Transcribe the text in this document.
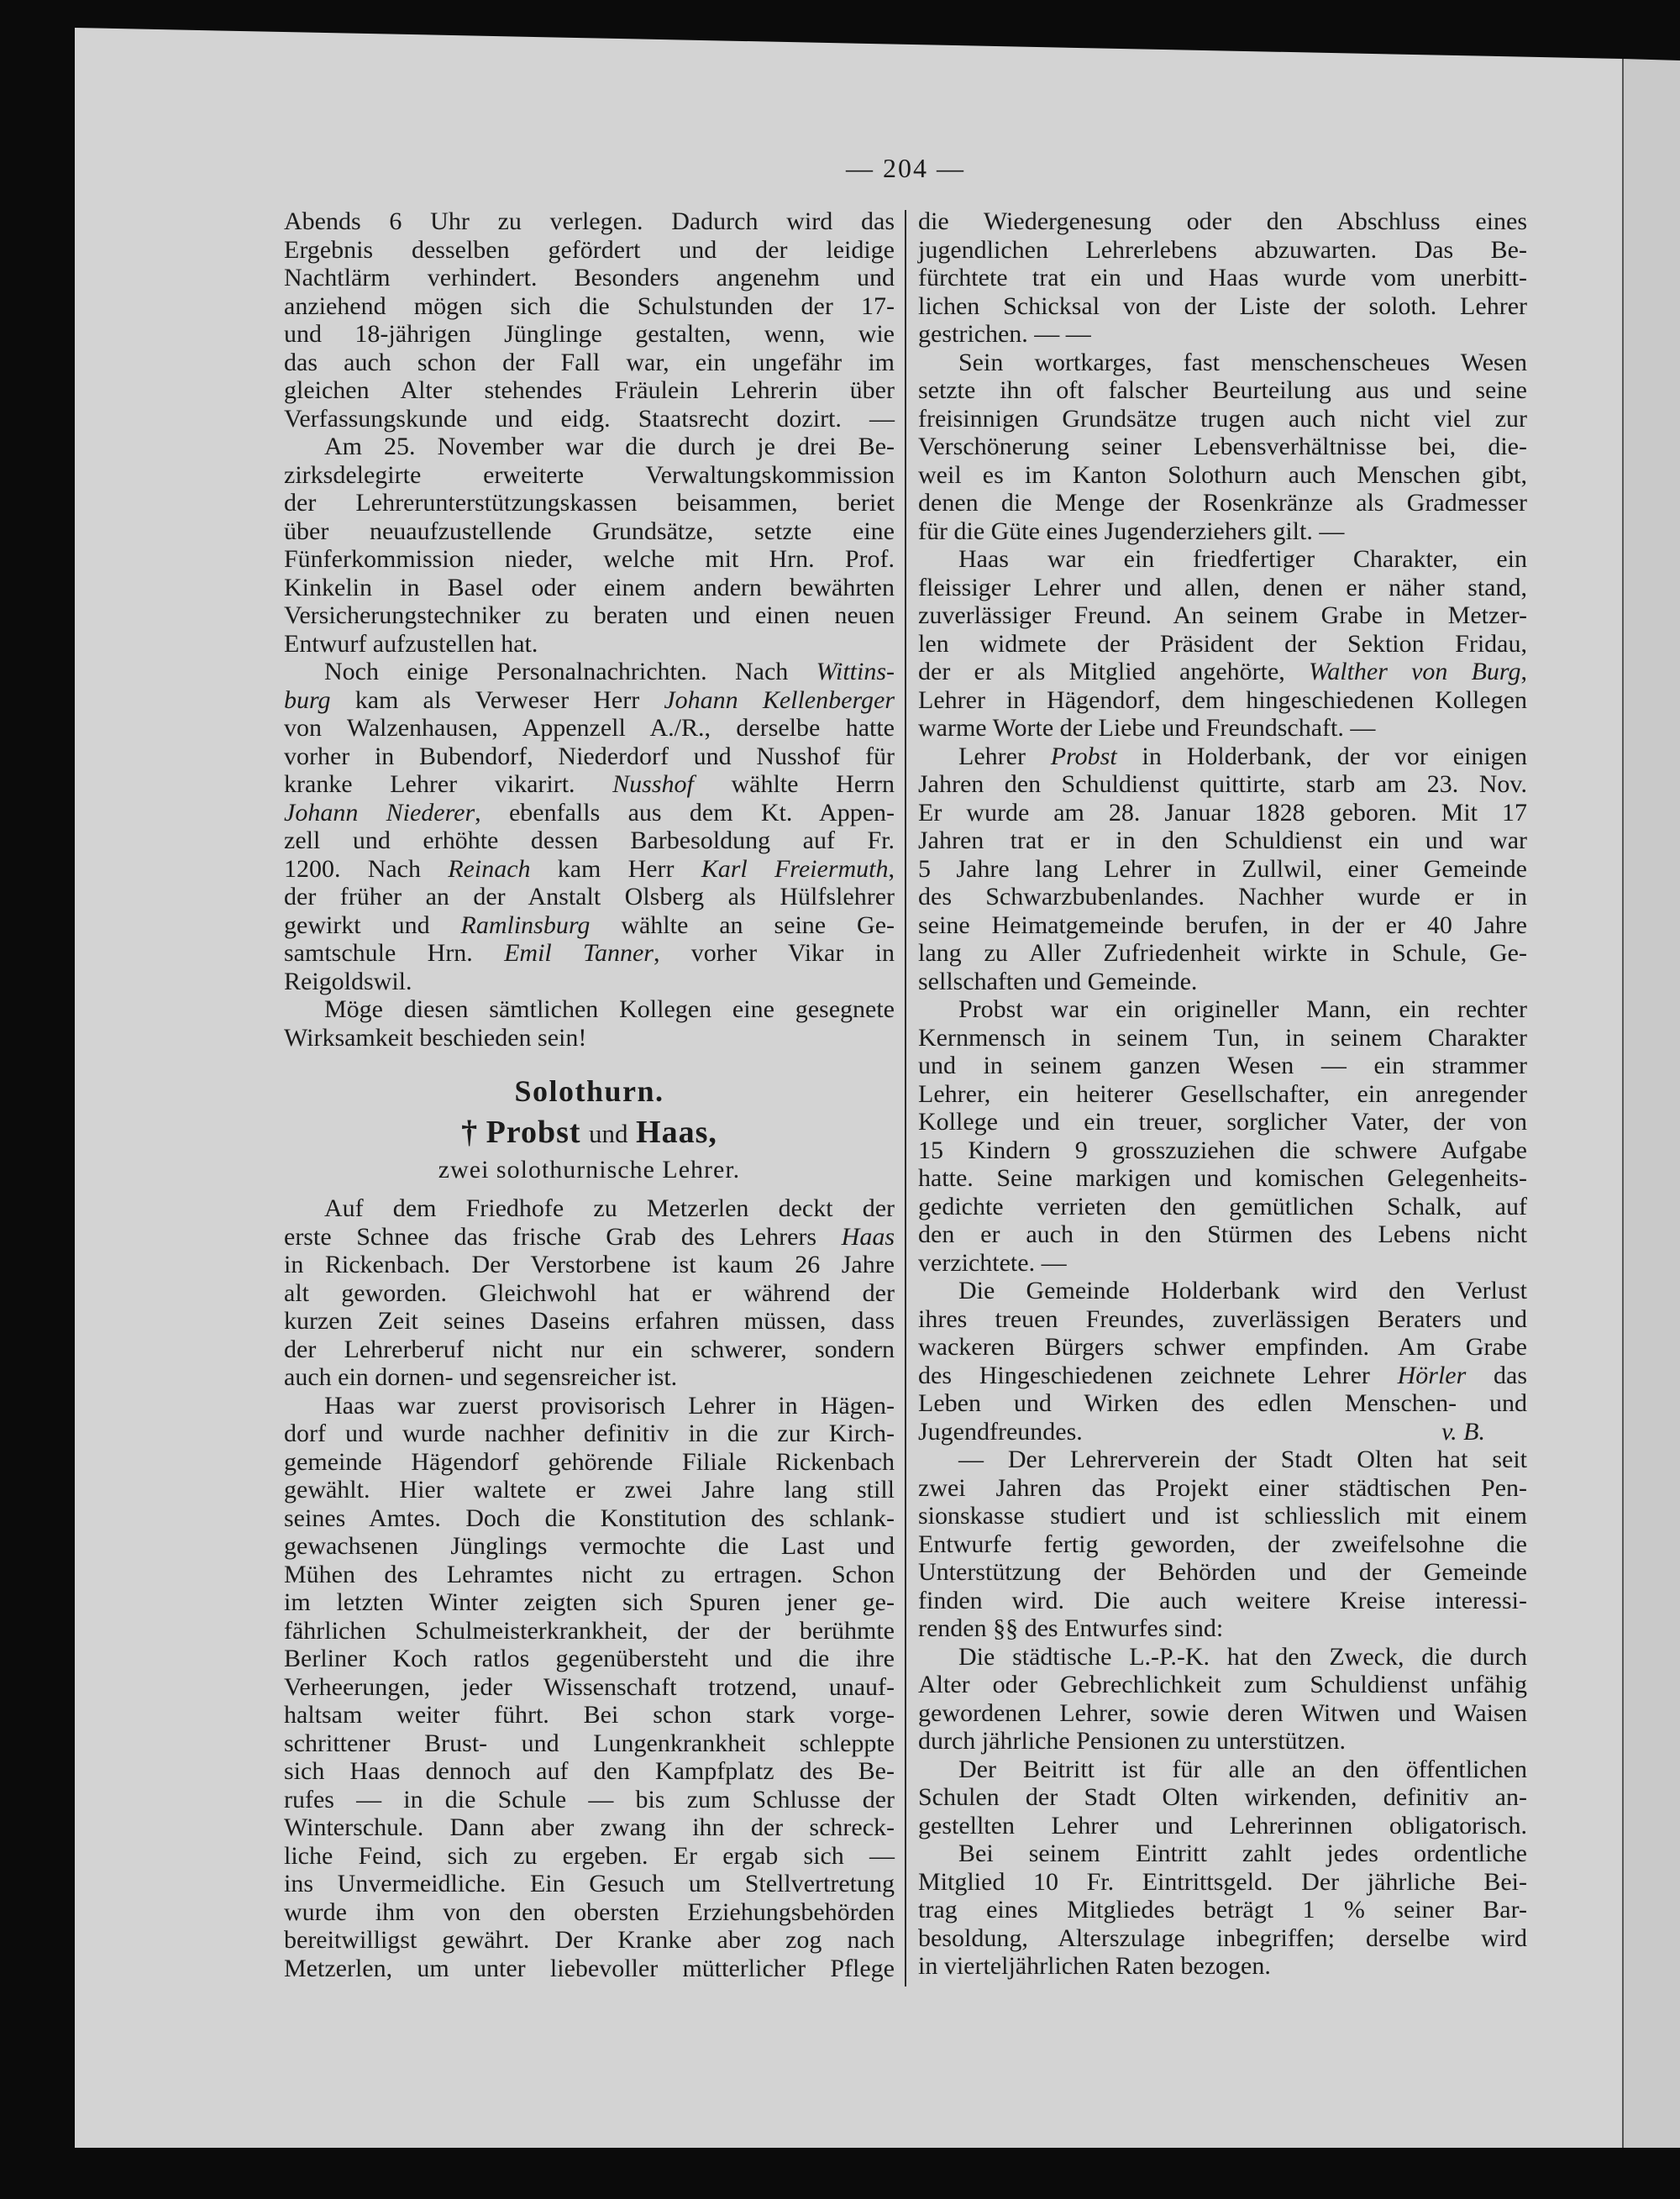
— 204 —
Abends 6 Uhr zu verlegen. Dadurch wird das
Ergebnis desselben gefördert und der leidige
Nachtlärm verhindert. Besonders angenehm und
anziehend mögen sich die Schulstunden der 17-
und 18-jährigen Jünglinge gestalten, wenn, wie
das auch schon der Fall war, ein ungefähr im
gleichen Alter stehendes Fräulein Lehrerin über
Verfassungskunde und eidg. Staatsrecht dozirt. —
Am 25. November war die durch je drei Be-
zirksdelegirte erweiterte Verwaltungskommission
der Lehrerunterstützungskassen beisammen, beriet
über neuaufzustellende Grundsätze, setzte eine
Fünferkommission nieder, welche mit Hrn. Prof.
Kinkelin in Basel oder einem andern bewährten
Versicherungstechniker zu beraten und einen neuen
Entwurf aufzustellen hat.
Noch einige Personalnachrichten. Nach Wittins-
burg kam als Verweser Herr Johann Kellenberger
von Walzenhausen, Appenzell A./R., derselbe hatte
vorher in Bubendorf, Niederdorf und Nusshof für
kranke Lehrer vikarirt. Nusshof wählte Herrn
Johann Niederer, ebenfalls aus dem Kt. Appen-
zell und erhöhte dessen Barbesoldung auf Fr.
1200. Nach Reinach kam Herr Karl Freiermuth,
der früher an der Anstalt Olsberg als Hülfslehrer
gewirkt und Ramlinsburg wählte an seine Ge-
samtschule Hrn. Emil Tanner, vorher Vikar in
Reigoldswil.
Möge diesen sämtlichen Kollegen eine gesegnete
Wirksamkeit beschieden sein!
Solothurn.
† Probst und Haas,
zwei solothurnische Lehrer.
Auf dem Friedhofe zu Metzerlen deckt der
erste Schnee das frische Grab des Lehrers Haas
in Rickenbach. Der Verstorbene ist kaum 26 Jahre
alt geworden. Gleichwohl hat er während der
kurzen Zeit seines Daseins erfahren müssen, dass
der Lehrerberuf nicht nur ein schwerer, sondern
auch ein dornen- und segensreicher ist.
Haas war zuerst provisorisch Lehrer in Hägen-
dorf und wurde nachher definitiv in die zur Kirch-
gemeinde Hägendorf gehörende Filiale Rickenbach
gewählt. Hier waltete er zwei Jahre lang still
seines Amtes. Doch die Konstitution des schlank-
gewachsenen Jünglings vermochte die Last und
Mühen des Lehramtes nicht zu ertragen. Schon
im letzten Winter zeigten sich Spuren jener ge-
fährlichen Schulmeisterkrankheit, der der berühmte
Berliner Koch ratlos gegenübersteht und die ihre
Verheerungen, jeder Wissenschaft trotzend, unauf-
haltsam weiter führt. Bei schon stark vorge-
schrittener Brust- und Lungenkrankheit schleppte
sich Haas dennoch auf den Kampfplatz des Be-
rufes — in die Schule — bis zum Schlusse der
Winterschule. Dann aber zwang ihn der schreck-
liche Feind, sich zu ergeben. Er ergab sich —
ins Unvermeidliche. Ein Gesuch um Stellvertretung
wurde ihm von den obersten Erziehungsbehörden
bereitwilligst gewährt. Der Kranke aber zog nach
Metzerlen, um unter liebevoller mütterlicher Pflege
die Wiedergenesung oder den Abschluss eines
jugendlichen Lehrerlebens abzuwarten. Das Be-
fürchtete trat ein und Haas wurde vom unerbitt-
lichen Schicksal von der Liste der soloth. Lehrer
gestrichen. — —
Sein wortkarges, fast menschenscheues Wesen
setzte ihn oft falscher Beurteilung aus und seine
freisinnigen Grundsätze trugen auch nicht viel zur
Verschönerung seiner Lebensverhältnisse bei, die-
weil es im Kanton Solothurn auch Menschen gibt,
denen die Menge der Rosenkränze als Gradmesser
für die Güte eines Jugenderziehers gilt. —
Haas war ein friedfertiger Charakter, ein
fleissiger Lehrer und allen, denen er näher stand,
zuverlässiger Freund. An seinem Grabe in Metzer-
len widmete der Präsident der Sektion Fridau,
der er als Mitglied angehörte, Walther von Burg,
Lehrer in Hägendorf, dem hingeschiedenen Kollegen
warme Worte der Liebe und Freundschaft. —
Lehrer Probst in Holderbank, der vor einigen
Jahren den Schuldienst quittirte, starb am 23. Nov.
Er wurde am 28. Januar 1828 geboren. Mit 17
Jahren trat er in den Schuldienst ein und war
5 Jahre lang Lehrer in Zullwil, einer Gemeinde
des Schwarzbubenlandes. Nachher wurde er in
seine Heimatgemeinde berufen, in der er 40 Jahre
lang zu Aller Zufriedenheit wirkte in Schule, Ge-
sellschaften und Gemeinde.
Probst war ein origineller Mann, ein rechter
Kernmensch in seinem Tun, in seinem Charakter
und in seinem ganzen Wesen — ein strammer
Lehrer, ein heiterer Gesellschafter, ein anregender
Kollege und ein treuer, sorglicher Vater, der von
15 Kindern 9 grosszuziehen die schwere Aufgabe
hatte. Seine markigen und komischen Gelegenheits-
gedichte verrieten den gemütlichen Schalk, auf
den er auch in den Stürmen des Lebens nicht
verzichtete. —
Die Gemeinde Holderbank wird den Verlust
ihres treuen Freundes, zuverlässigen Beraters und
wackeren Bürgers schwer empfinden. Am Grabe
des Hingeschiedenen zeichnete Lehrer Hörler das
Leben und Wirken des edlen Menschen- und
Jugendfreundes.	v. B.
— Der Lehrerverein der Stadt Olten hat seit
zwei Jahren das Projekt einer städtischen Pen-
sionskasse studiert und ist schliesslich mit einem
Entwurfe fertig geworden, der zweifelsohne die
Unterstützung der Behörden und der Gemeinde
finden wird. Die auch weitere Kreise interessi-
renden §§ des Entwurfes sind:
Die städtische L.-P.-K. hat den Zweck, die durch
Alter oder Gebrechlichkeit zum Schuldienst unfähig
gewordenen Lehrer, sowie deren Witwen und Waisen
durch jährliche Pensionen zu unterstützen.
Der Beitritt ist für alle an den öffentlichen
Schulen der Stadt Olten wirkenden, definitiv an-
gestellten Lehrer und Lehrerinnen obligatorisch.
Bei seinem Eintritt zahlt jedes ordentliche
Mitglied 10 Fr. Eintrittsgeld. Der jährliche Bei-
trag eines Mitgliedes beträgt 1 % seiner Bar-
besoldung, Alterszulage inbegriffen; derselbe wird
in vierteljährlichen Raten bezogen.
